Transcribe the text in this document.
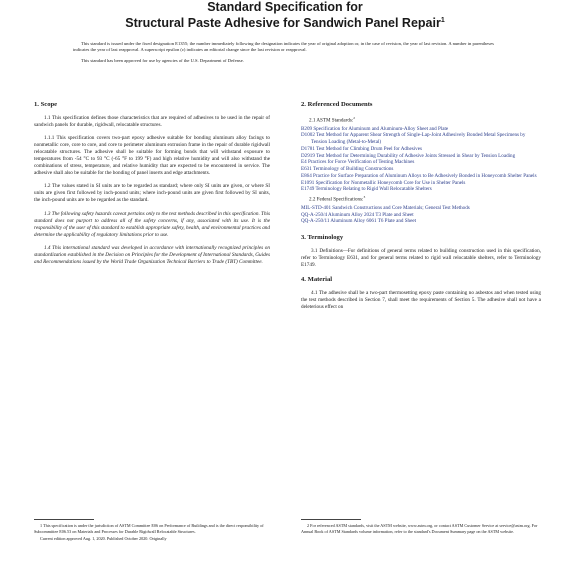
Standard Specification for

Structural Paste Adhesive for Sandwich Panel Repair$^1$

This standard is issued under the fixed designation E1355; the number immediately following the designation indicates the year of original adoption or, in the case of revision, the year of last revision. A number in parentheses indicates the year of last reapproval. A superscript epsilon (ε) indicates an editorial change since the last revision or reapproval.

This standard has been approved for use by agencies of the U.S. Department of Defense.

1. Scope

1.1 This specification defines those characteristics that are required of adhesives to be used in the repair of sandwich panels for durable, rigidwall, relocatable structures.

1.1.1 This specification covers two-part epoxy adhesive suitable for bonding aluminum alloy facings to nonmetallic core, core to core, and core to perimeter aluminum extrusion frame in the repair of durable rigidwall relocatable structures. The adhesive shall be suitable for forming bonds that will withstand exposure to temperatures from -54 °C to 93 °C (-65 °F to 199 °F) and high relative humidity and will also withstand the combinations of stress, temperature, and relative humidity that are expected to be encountered in service. The adhesive shall also be suitable for the bonding of panel inserts and edge attachments.

1.2 The values stated in SI units are to be regarded as standard; where only SI units are given, or where SI units are given first followed by inch-pound units; where inch-pound units are given first followed by SI units, the inch-pound units are to be regarded as the standard.

1.3 The following safety hazards caveat pertains only to the test methods described in this specification. This standard does not purport to address all of the safety concerns, if any, associated with its use. It is the responsibility of the user of this standard to establish appropriate safety, health, and environmental practices and determine the applicability of regulatory limitations prior to use.

1.4 This international standard was developed in accordance with internationally recognized principles on standardization established in the Decision on Principles for the Development of International Standards, Guides and Recommendations issued by the World Trade Organization Technical Barriers to Trade (TBT) Committee.

2. Referenced Documents

2.1 ASTM Standards:$^2$

B209 Specification for Aluminum and Aluminum-Alloy Sheet and Plate

D1002 Test Method for Apparent Shear Strength of Single-Lap-Joint Adhesively Bonded Metal Specimens by Tension Loading (Metal-to-Metal)

D1781 Test Method for Climbing Drum Peel for Adhesives

D2919 Test Method for Determining Durability of Adhesive Joints Stressed in Shear by Tension Loading

E4 Practices for Force Verification of Testing Machines

E631 Terminology of Building Constructions

E864 Practice for Surface Preparation of Aluminum Alloys to Be Adhesively Bonded in Honeycomb Shelter Panels

E1091 Specification for Nonmetallic Honeycomb Core for Use in Shelter Panels

E1749 Terminology Relating to Rigid Wall Relocatable Shelters

2.2 Federal Specifications:$^3$

MIL-STD-401 Sandwich Constructions and Core Materials; General Test Methods

QQ-A-250/4 Aluminum Alloy 2024 T3 Plate and Sheet

QQ-A-250/11 Aluminum Alloy 6061 T6 Plate and Sheet

3. Terminology

3.1 Definitions—For definitions of general terms related to building construction used in this specification, refer to Terminology E631, and for general terms related to rigid wall relocatable shelters, refer to Terminology E1749.

4. Material

4.1 The adhesive shall be a two-part thermosetting epoxy paste containing no asbestos and when tested using the test methods described in Section 7, shall meet the requirements of Section 5. The adhesive shall not have a deleterious effect on

1 This specification is under the jurisdiction of ASTM Committee E06 on Performance of Buildings and is the direct responsibility of Subcommittee E06.53 on Materials and Processes for Durable Rigidwall Relocatable Structures.

Current edition approved Aug. 1, 2020. Published October 2020. Originally

2 For referenced ASTM standards, visit the ASTM website, www.astm.org, or contact ASTM Customer Service at service@astm.org. For Annual Book of ASTM Standards volume information, refer to the standard's Document Summary page on the ASTM website.
